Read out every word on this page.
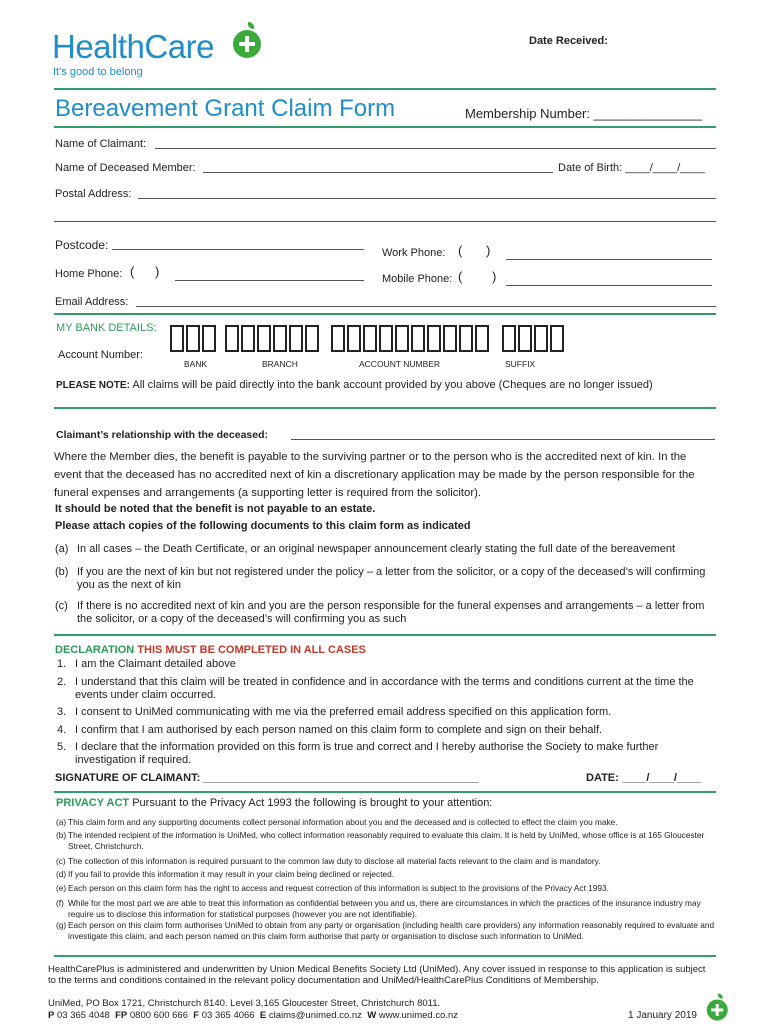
HealthCare
It’s good to belong
Date Received:
Bereavement Grant Claim Form	Membership Number: _______________
Name of Claimant:
Name of Deceased Member:	Date of Birth: ____/____/____
Postal Address:
Postcode:
Work Phone: ( )
Home Phone: ( )	Mobile Phone: ( )
Email Address:
MY BANK DETAILS:
Account Number:
BANK	BRANCH	ACCOUNT NUMBER	SUFFIX
PLEASE NOTE: All claims will be paid directly into the bank account provided by you above (Cheques are no longer issued)
Claimant’s relationship with the deceased:
Where the Member dies, the benefit is payable to the surviving partner or to the person who is the accredited next of kin. In the event that the deceased has no accredited next of kin a discretionary application may be made by the person responsible for the funeral expenses and arrangements (a supporting letter is required from the solicitor).
It should be noted that the benefit is not payable to an estate.
Please attach copies of the following documents to this claim form as indicated
(a) In all cases – the Death Certificate, or an original newspaper announcement clearly stating the full date of the bereavement
(b) If you are the next of kin but not registered under the policy – a letter from the solicitor, or a copy of the deceased’s will confirming you as the next of kin
(c) If there is no accredited next of kin and you are the person responsible for the funeral expenses and arrangements – a letter from the solicitor, or a copy of the deceased’s will confirming you as such
DECLARATION THIS MUST BE COMPLETED IN ALL CASES
1. I am the Claimant detailed above
2. I understand that this claim will be treated in confidence and in accordance with the terms and conditions current at the time the events under claim occurred.
3. I consent to UniMed communicating with me via the preferred email address specified on this application form.
4. I confirm that I am authorised by each person named on this claim form to complete and sign on their behalf.
5. I declare that the information provided on this form is true and correct and I hereby authorise the Society to make further investigation if required.
SIGNATURE OF CLAIMANT: _____________________________________________	DATE: ____/____/____
PRIVACY ACT Pursuant to the Privacy Act 1993 the following is brought to your attention:
(a) This claim form and any supporting documents collect personal information about you and the deceased and is collected to effect the claim you make.
(b) The intended recipient of the information is UniMed, who collect information reasonably required to evaluate this claim. It is held by UniMed, whose office is at 165 Gloucester Street, Christchurch.
(c) The collection of this information is required pursuant to the common law duty to disclose all material facts relevant to the claim and is mandatory.
(d) If you fail to provide this information it may result in your claim being declined or rejected.
(e) Each person on this claim form has the right to access and request correction of this information is subject to the provisions of the Privacy Act 1993.
(f) While for the most part we are able to treat this information as confidential between you and us, there are circumstances in which the practices of the insurance industry may require us to disclose this information for statistical purposes (however you are not identifiable).
(g) Each person on this claim form authorises UniMed to obtain from any party or organisation (including health care providers) any information reasonably required to evaluate and investigate this claim, and each person named on this claim form authorise that party or organisation to disclose such information to UniMed.
HealthCarePlus is administered and underwritten by Union Medical Benefits Society Ltd (UniMed). Any cover issued in response to this application is subject to the terms and conditions contained in the relevant policy documentation and UniMed/HealthCarePlus Conditions of Membership.
UniMed, PO Box 1721, Christchurch 8140. Level 3,165 Gloucester Street, Christchurch 8011.
P 03 365 4048 FP 0800 600 666 F 03 365 4066 E claims@unimed.co.nz W www.unimed.co.nz	1 January 2019
